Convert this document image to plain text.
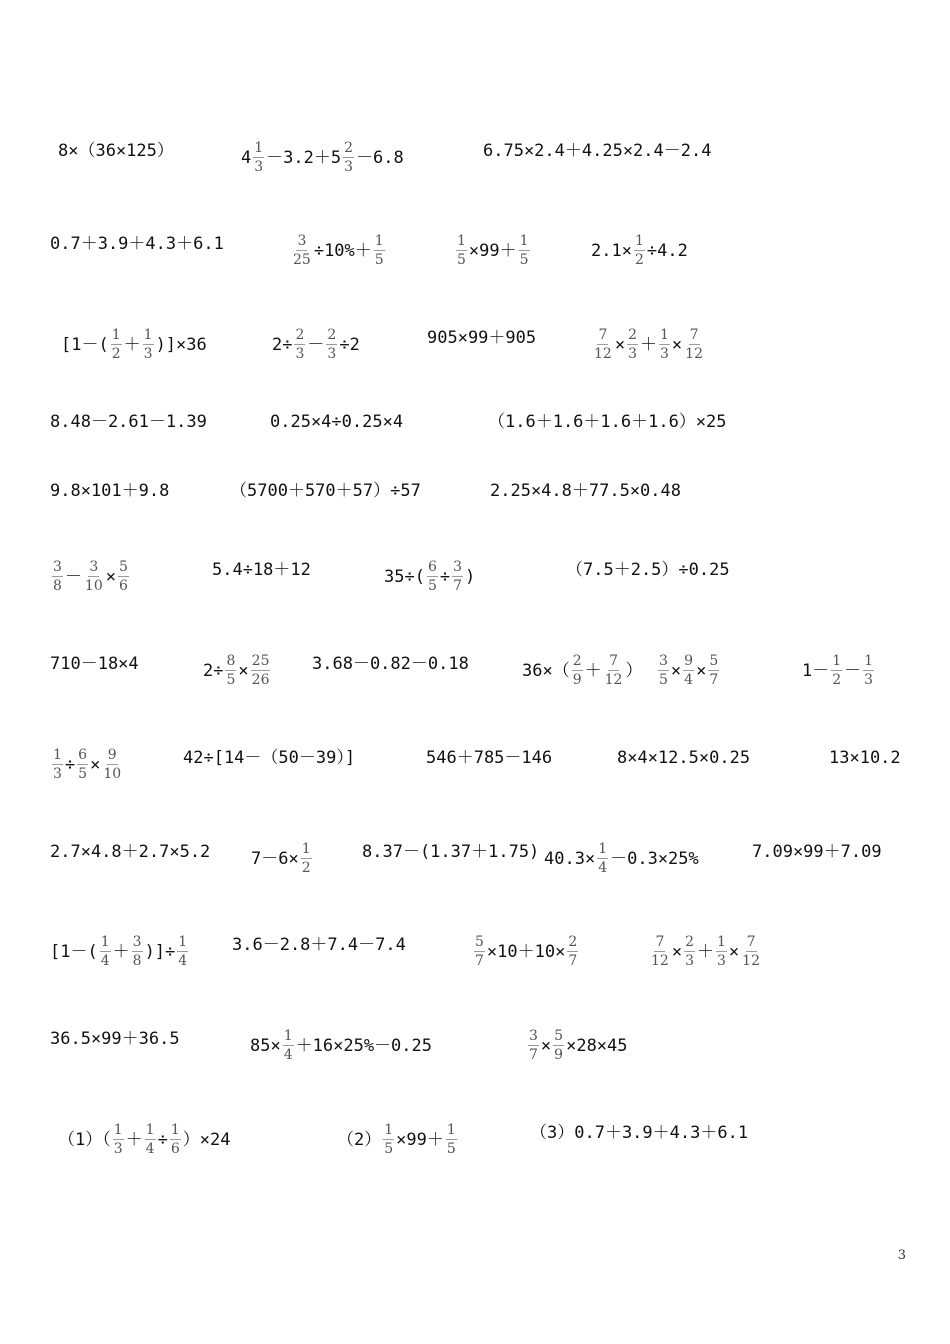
8×（36×125）	$4 \frac{1}{3} -3.2+5 \frac{2}{3} -6.8$	6.75×2.4＋4.25×2.4－2.4
0.7＋3.9＋4.3＋6.1	$\frac{3}{25} \div 10\%+ \frac{1}{5}$	$\frac{1}{5} \times 99+ \frac{1}{5}$	$2.1\times \frac{1}{2} \div 4.2$
$[1-( \frac{1}{2} + \frac{1}{3} )]\times 36$	$2\div \frac{2}{3} - \frac{2}{3} \div 2$	905×99＋905	$\frac{7}{12} \times \frac{2}{3} + \frac{1}{3} \times \frac{7}{12}$
8.48－2.61－1.39	0.25×4÷0.25×4	（1.6＋1.6＋1.6＋1.6）×25
9.8×101＋9.8	（5700＋570＋57）÷57	2.25×4.8＋77.5×0.48
$\frac{3}{8} - \frac{3}{10} \times \frac{5}{6}$	5.4÷18＋12	$35\div( \frac{6}{5} \div \frac{3}{7}$ )	（7.5＋2.5）÷0.25
710－18×4	$2\div \frac{8}{5} \times \frac{25}{26} 3.68-0.82-0.18$	$36\times( \frac{2}{9} + \frac{7}{12}$ ） $\frac{3}{5} \times \frac{9}{4} \times \frac{5}{7}$	$1- \frac{1}{2} - \frac{1}{3}$
$\frac{1}{3} \div \frac{6}{5} \times \frac{9}{10}$	42÷[14－（50－39）]	546＋785－146	8×4×12.5×0.25	13×10.2
2.7×4.8＋2.7×5.2 $7-6\times \frac{1}{2}$	8.37－(1.37＋1.75) $40.3\times \frac{1}{4} -0.3\times 25\%$	7.09×99＋7.09
[$1-( \frac{1}{4} + \frac{3}{8}$ )]÷ $\frac{1}{4}$	3.6－2.8＋7.4－7.4	$\frac{5}{7} \times 10+10\times \frac{2}{7}$	$\frac{7}{12} \times \frac{2}{3} + \frac{1}{3} \times \frac{7}{12}$
36.5×99＋36.5	$85\times \frac{1}{4} +16\times 25\%-0.25$	$\frac{3}{7} \times \frac{5}{9} \times 28\times 45$
$(1)( \frac{1}{3} + \frac{1}{4} \div \frac{1}{6} )\times 24$	$(2) \frac{1}{5} \times 99+ \frac{1}{5}$	（3）0.7＋3.9＋4.3＋6.1
3
